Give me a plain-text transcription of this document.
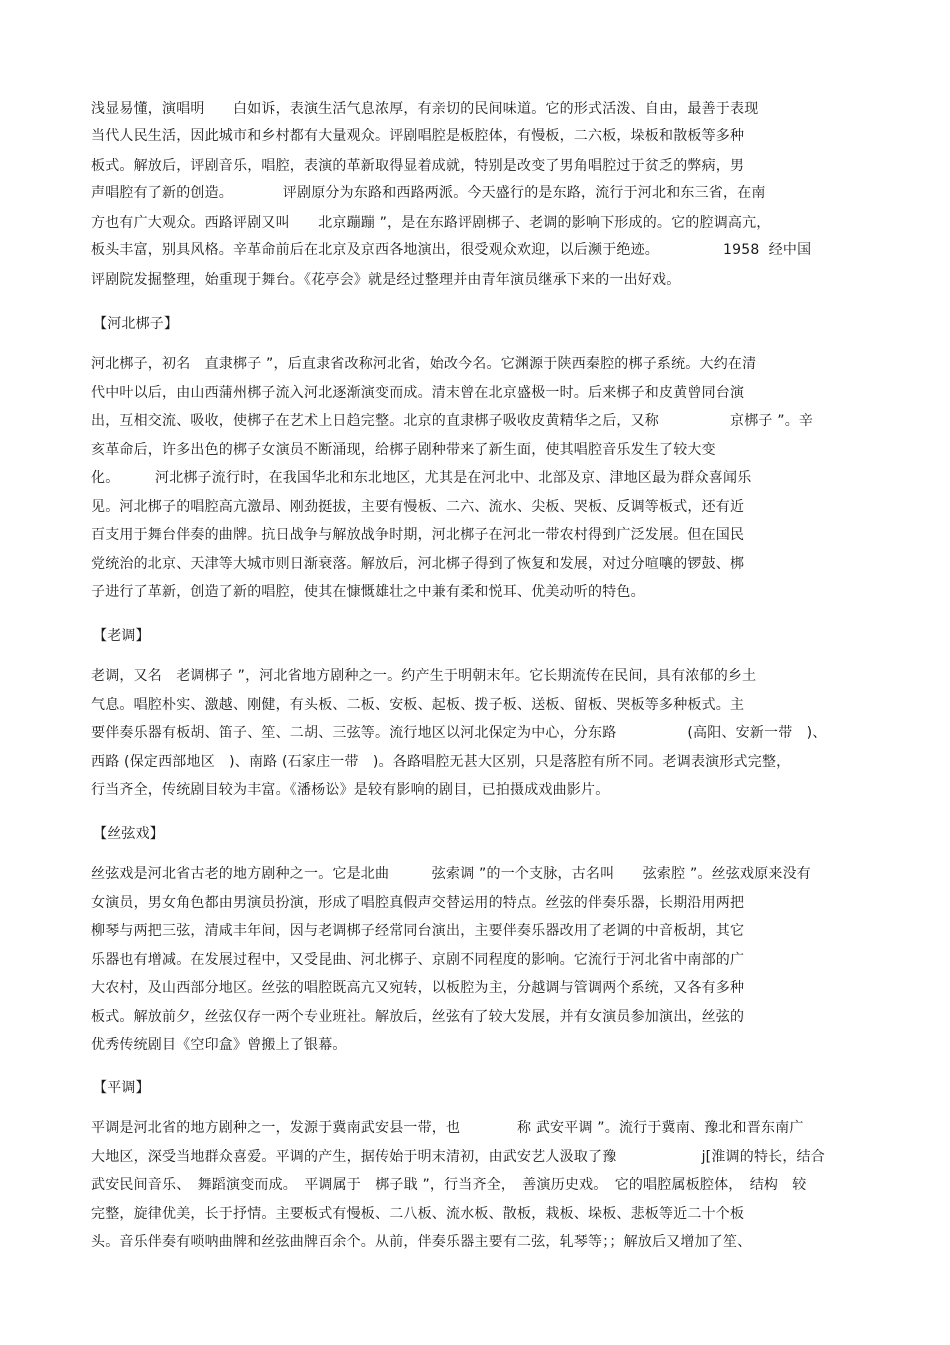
浅显易懂，演唱明　　白如诉，表演生活气息浓厚，有亲切的民间味道。它的形式活泼、自由，最善于表现
当代人民生活，因此城市和乡村都有大量观众。评剧唱腔是板腔体，有慢板，二六板，垛板和散板等多种
板式。解放后，评剧音乐，唱腔，表演的革新取得显着成就，特别是改变了男角唱腔过于贫乏的弊病，男
声唱腔有了新的创造。　　　　评剧原分为东路和西路两派。今天盛行的是东路，流行于河北和东三省，在南
方也有广大观众。西路评剧又叫　　北京蹦蹦 ”，是在东路评剧梆子、老调的影响下形成的。它的腔调高亢，
板头丰富，别具风格。辛革命前后在北京及京西各地演出，很受观众欢迎，以后濒于绝迹。　　　　　1958  经中国
评剧院发掘整理，始重现于舞台。《花亭会》就是经过整理并由青年演员继承下来的一出好戏。
【河北梆子】
河北梆子，初名　直隶梆子 ”，后直隶省改称河北省，始改今名。它渊源于陕西秦腔的梆子系统。大约在清
代中叶以后，由山西蒲州梆子流入河北逐渐演变而成。清末曾在北京盛极一时。后来梆子和皮黄曾同台演
出，互相交流、吸收，使梆子在艺术上日趋完整。北京的直隶梆子吸收皮黄精华之后，又称　　　　　京梆子 ”。辛
亥革命后，许多出色的梆子女演员不断涌现，给梆子剧种带来了新生面，使其唱腔音乐发生了较大变
化。　　　河北梆子流行时，在我国华北和东北地区，尤其是在河北中、北部及京、津地区最为群众喜闻乐
见。河北梆子的唱腔高亢激昂、刚劲挺拔，主要有慢板、二六、流水、尖板、哭板、反调等板式，还有近
百支用于舞台伴奏的曲牌。抗日战争与解放战争时期，河北梆子在河北一带农村得到广泛发展。但在国民
党统治的北京、天津等大城市则日渐衰落。解放后，河北梆子得到了恢复和发展，对过分喧嚷的锣鼓、梆
子进行了革新，创造了新的唱腔，使其在慷慨雄壮之中兼有柔和悦耳、优美动听的特色。
【老调】
老调，又名　老调梆子 ”，河北省地方剧种之一。约产生于明朝末年。它长期流传在民间，具有浓郁的乡土
气息。唱腔朴实、激越、刚健，有头板、二板、安板、起板、拨子板、送板、留板、哭板等多种板式。主
要伴奏乐器有板胡、笛子、笙、二胡、三弦等。流行地区以河北保定为中心，分东路　　　　　(高阳、安新一带　)、
西路 (保定西部地区　)、南路 (石家庄一带　)。各路唱腔无甚大区别，只是落腔有所不同。老调表演形式完整，
行当齐全，传统剧目较为丰富。《潘杨讼》是较有影响的剧目，已拍摄成戏曲影片。
【丝弦戏】
丝弦戏是河北省古老的地方剧种之一。它是北曲　　　弦索调 ”的一个支脉，古名叫　　弦索腔 ”。丝弦戏原来没有
女演员，男女角色都由男演员扮演，形成了唱腔真假声交替运用的特点。丝弦的伴奏乐器，长期沿用两把
柳琴与两把三弦，清咸丰年间，因与老调梆子经常同台演出，主要伴奏乐器改用了老调的中音板胡，其它
乐器也有增减。在发展过程中，又受昆曲、河北梆子、京剧不同程度的影响。它流行于河北省中南部的广
大农村，及山西部分地区。丝弦的唱腔既高亢又宛转，以板腔为主，分越调与管调两个系统，又各有多种
板式。解放前夕，丝弦仅存一两个专业班社。解放后，丝弦有了较大发展，并有女演员参加演出，丝弦的
优秀传统剧目《空印盒》曾搬上了银幕。
【平调】
平调是河北省的地方剧种之一，发源于冀南武安县一带，也　　　　称 武安平调 ”。流行于冀南、豫北和晋东南广
大地区，深受当地群众喜爱。平调的产生，据传始于明末清初，由武安艺人汲取了豫　　　　　　j[淮调的特长，结合
武安民间音乐、　舞蹈演变而成。　平调属于　梆子戢 ”，行当齐全，　善演历史戏。　它的唱腔属板腔体，　结构　较
完整，旋律优美，长于抒情。主要板式有慢板、二八板、流水板、散板，栽板、垛板、悲板等近二十个板
头。音乐伴奏有唢呐曲牌和丝弦曲牌百余个。从前，伴奏乐器主要有二弦，轧琴等；；解放后又增加了笙、
